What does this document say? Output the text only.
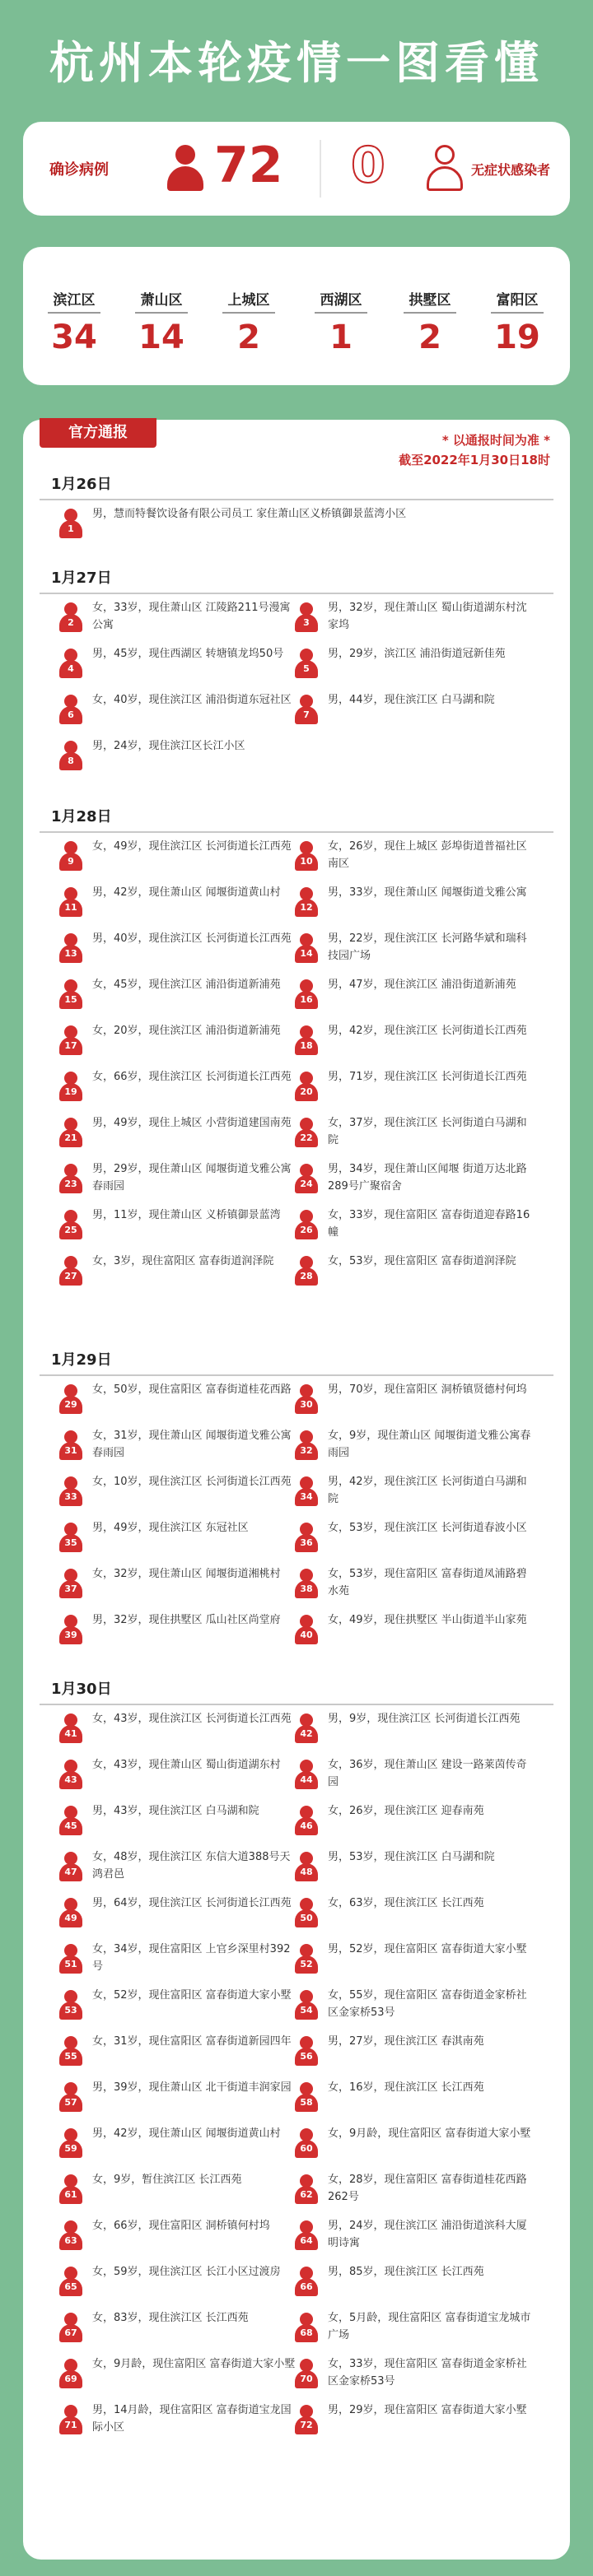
杭州本轮疫情一图看懂
确诊病例 72 0	无症状感染者
滨江区
34
萧山区
14
上城区
2
西湖区
1
拱墅区
2
富阳区
19
官方通报	* 以通报时间为准 *
截至2022年1月30日18时
1月26日
1
男，慧而特餐饮设备有限公司员工 家住萧山区义桥镇御景蓝湾小区
1月27日
2
女，33岁，现住萧山区 江陵路211号漫寓公寓	3
男，32岁，现住萧山区 蜀山街道湖东村沈家坞
4
男，45岁，现住西湖区 转塘镇龙坞50号
5
男，29岁，滨江区 浦沿街道冠新佳苑
6
女，40岁，现住滨江区 浦沿街道东冠社区
7
男，44岁，现住滨江区 白马湖和院
8
男，24岁，现住滨江区长江小区
1月28日
9
女，49岁，现住滨江区 长河街道长江西苑
10
女，26岁，现住上城区 彭埠街道普福社区南区
11
男，42岁，现住萧山区 闻堰街道黄山村
12
男，33岁，现住萧山区 闻堰街道戈雅公寓
13
男，40岁，现住滨江区 长河街道长江西苑
14
男，22岁，现住滨江区 长河路华斌和瑞科技园广场
15
女，45岁，现住滨江区 浦沿街道新浦苑
16
男，47岁，现住滨江区 浦沿街道新浦苑
17
女，20岁，现住滨江区 浦沿街道新浦苑
18
男，42岁，现住滨江区 长河街道长江西苑
19
女，66岁，现住滨江区 长河街道长江西苑
20
男，71岁，现住滨江区 长河街道长江西苑
21
男，49岁，现住上城区 小营街道建国南苑
22
女，37岁，现住滨江区 长河街道白马湖和院
23
男，29岁，现住萧山区 闻堰街道戈雅公寓春雨园	24
男，34岁，现住萧山区闻堰 街道万达北路289号广聚宿舍
25
男，11岁，现住萧山区 义桥镇御景蓝湾
26
女，33岁，现住富阳区 富春街道迎春路16幢
27
女，3岁，现住富阳区 富春街道润泽院
28
女，53岁，现住富阳区 富春街道润泽院
1月29日
29
女，50岁，现住富阳区 富春街道桂花西路
30
男，70岁，现住富阳区 洞桥镇贤德村何坞
31
女，31岁，现住萧山区 闻堰街道戈雅公寓春雨园	32
女，9岁，现住萧山区 闻堰街道戈雅公寓春雨园
33
女，10岁，现住滨江区 长河街道长江西苑
34
男，42岁，现住滨江区 长河街道白马湖和院
35
男，49岁，现住滨江区 东冠社区
36
女，53岁，现住滨江区 长河街道春波小区
37
女，32岁，现住萧山区 闻堰街道湘桃村
38
女，53岁，现住富阳区 富春街道凤浦路碧水苑
39
男，32岁，现住拱墅区 瓜山社区尚堂府
40
女，49岁，现住拱墅区 半山街道半山家苑
1月30日
41
女，43岁，现住滨江区 长河街道长江西苑
42
男，9岁，现住滨江区 长河街道长江西苑
43
女，43岁，现住萧山区 蜀山街道湖东村
44
女，36岁，现住萧山区 建设一路莱茵传奇园
45
男，43岁，现住滨江区 白马湖和院
46
女，26岁，现住滨江区 迎春南苑
47
女，48岁，现住滨江区 东信大道388号天鸿君邑	48
男，53岁，现住滨江区 白马湖和院
49
男，64岁，现住滨江区 长河街道长江西苑
50
女，63岁，现住滨江区 长江西苑
51
女，34岁，现住富阳区 上官乡深里村392号	52
男，52岁，现住富阳区 富春街道大家小墅
53
女，52岁，现住富阳区 富春街道大家小墅
54
女，55岁，现住富阳区 富春街道金家桥社区金家桥53号
55
女，31岁，现住富阳区 富春街道新园四年
56
男，27岁，现住滨江区 春淇南苑
57
男，39岁，现住萧山区 北干街道丰润家园
58
女，16岁，现住滨江区 长江西苑
59
男，42岁，现住萧山区 闻堰街道黄山村
60
女，9月龄，现住富阳区 富春街道大家小墅
61
女，9岁，暂住滨江区 长江西苑
62
女，28岁，现住富阳区 富春街道桂花西路262号
63
女，66岁，现住富阳区 洞桥镇何村坞
64
男，24岁，现住滨江区 浦沿街道滨科大厦明诗寓
65
女，59岁，现住滨江区 长江小区过渡房
66
男，85岁，现住滨江区 长江西苑
67
女，83岁，现住滨江区 长江西苑
68
女，5月龄，现住富阳区 富春街道宝龙城市广场
69
女，9月龄，现住富阳区 富春街道大家小墅
70
女，33岁，现住富阳区 富春街道金家桥社区金家桥53号
71
男，14月龄，现住富阳区 富春街道宝龙国际小区	72
男，29岁，现住富阳区 富春街道大家小墅
